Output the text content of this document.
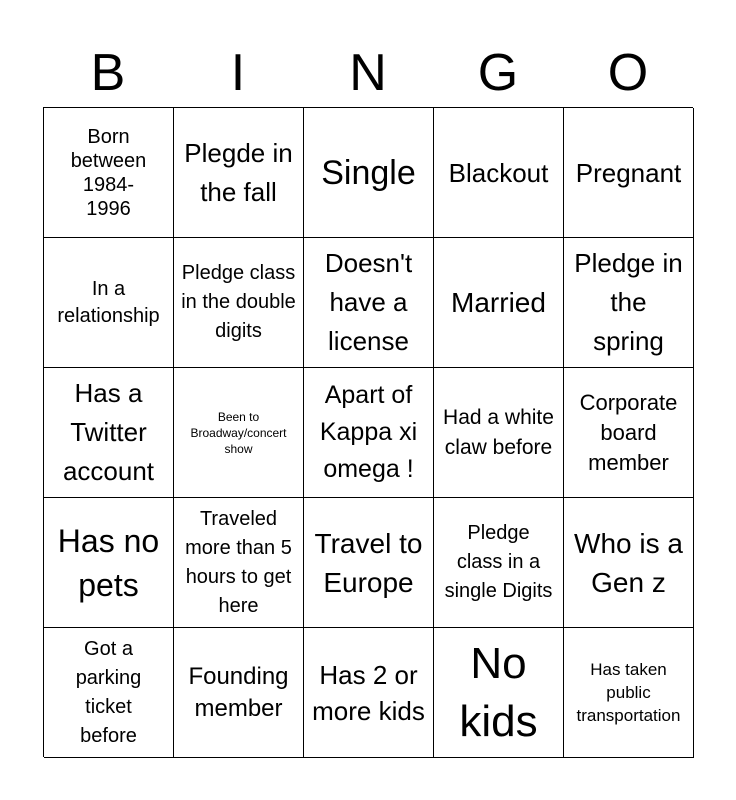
B	I	N	G	O
Born between 1984-1996
Plegde in the fall	Single Blackout Pregnant
In a relationship
Pledge class in the double digits
Doesn't have a license
Married
Pledge in the spring
Has a Twitter account
Been to Broadway/concert show
Apart of Kappa xi omega !
Had a white claw before
Corporate board member
Has no pets
Traveled more than 5 hours to get here
Travel to Europe
Pledge class in a single Digits
Who is a Gen z
Got a parking ticket before
Founding member
Has 2 or more kids
No kids
Has taken public transportation
